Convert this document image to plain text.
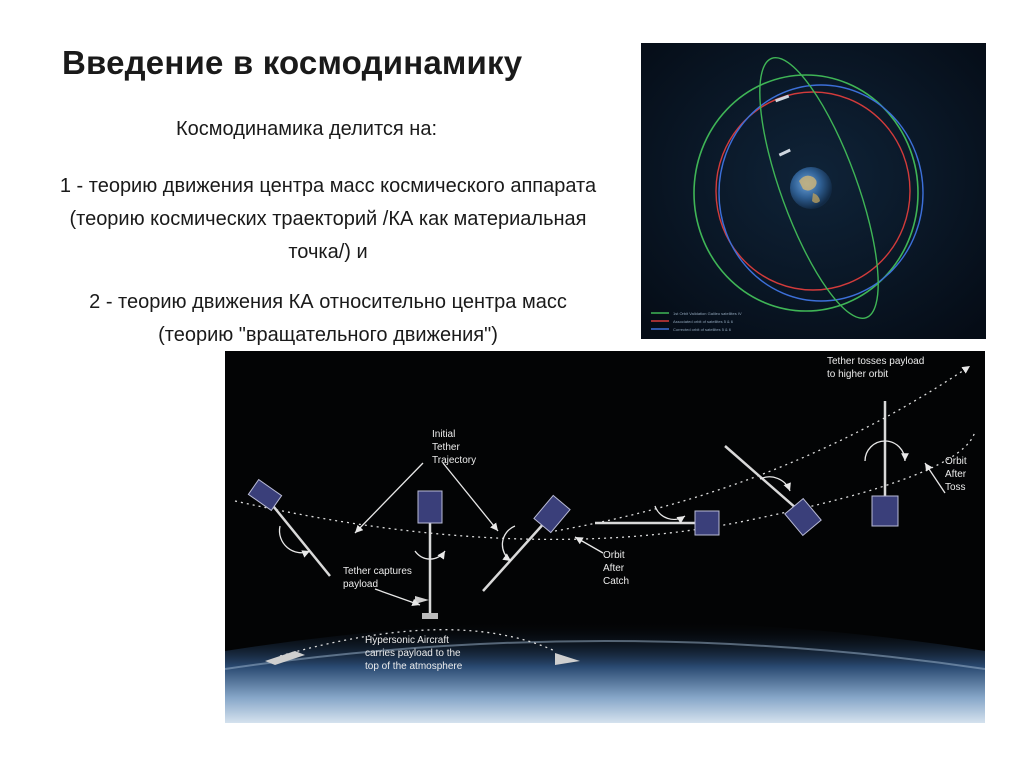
Введение в космодинамику
Космодинамика делится на:
1 - теорию движения центра масс космического аппарата (теорию космических траекторий /КА как материальная точка/) и
2 - теорию движения КА относительно центра масс (теорию "вращательного движения")
1st Orbit Validation Galileo satellites IV
Associated orbit of satellites 5 & 6
Corrected orbit of satellites 5 & 6
Tether tosses payload
to higher orbit
Initial
Tether
Trajectory
Tether captures
payload
Orbit
After
Catch
Orbit
After
Toss
Hypersonic Aircraft
carries payload to the
top of the atmosphere
